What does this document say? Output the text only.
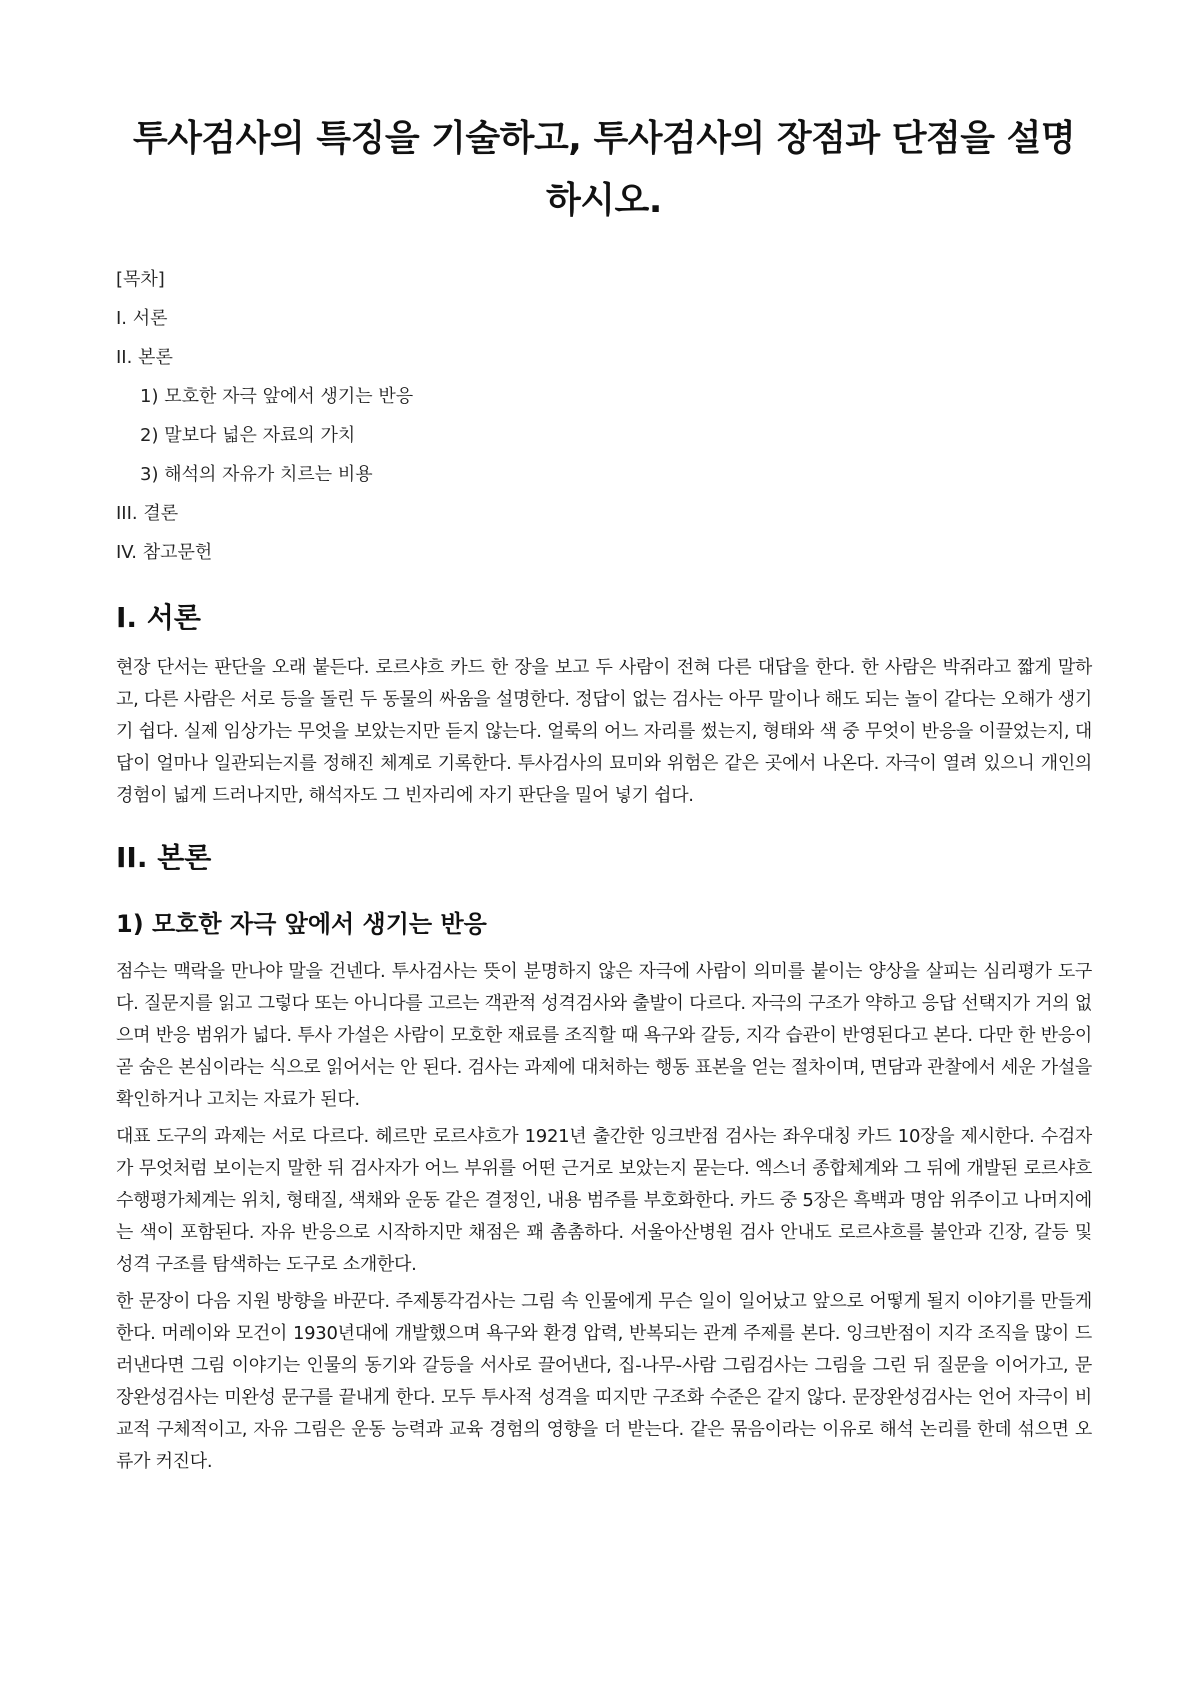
투사검사의 특징을 기술하고, 투사검사의 장점과 단점을 설명하시오.
[목차]
I. 서론
II. 본론
1) 모호한 자극 앞에서 생기는 반응
2) 말보다 넓은 자료의 가치
3) 해석의 자유가 치르는 비용
III. 결론
IV. 참고문헌
I. 서론

현장 단서는 판단을 오래 붙든다. 로르샤흐 카드 한 장을 보고 두 사람이 전혀 다른 대답을 한다. 한 사람은 박쥐라고 짧게 말하고, 다른 사람은 서로 등을 돌린 두 동물의 싸움을 설명한다. 정답이 없는 검사는 아무 말이나 해도 되는 놀이 같다는 오해가 생기기 쉽다. 실제 임상가는 무엇을 보았는지만 듣지 않는다. 얼룩의 어느 자리를 썼는지, 형태와 색 중 무엇이 반응을 이끌었는지, 대답이 얼마나 일관되는지를 정해진 체계로 기록한다. 투사검사의 묘미와 위험은 같은 곳에서 나온다. 자극이 열려 있으니 개인의 경험이 넓게 드러나지만, 해석자도 그 빈자리에 자기 판단을 밀어 넣기 쉽다.

II. 본론
1) 모호한 자극 앞에서 생기는 반응

점수는 맥락을 만나야 말을 건넨다. 투사검사는 뜻이 분명하지 않은 자극에 사람이 의미를 붙이는 양상을 살피는 심리평가 도구다. 질문지를 읽고 그렇다 또는 아니다를 고르는 객관적 성격검사와 출발이 다르다. 자극의 구조가 약하고 응답 선택지가 거의 없으며 반응 범위가 넓다. 투사 가설은 사람이 모호한 재료를 조직할 때 욕구와 갈등, 지각 습관이 반영된다고 본다. 다만 한 반응이 곧 숨은 본심이라는 식으로 읽어서는 안 된다. 검사는 과제에 대처하는 행동 표본을 얻는 절차이며, 면담과 관찰에서 세운 가설을 확인하거나 고치는 자료가 된다.

대표 도구의 과제는 서로 다르다. 헤르만 로르샤흐가 1921년 출간한 잉크반점 검사는 좌우대칭 카드 10장을 제시한다. 수검자가 무엇처럼 보이는지 말한 뒤 검사자가 어느 부위를 어떤 근거로 보았는지 묻는다. 엑스너 종합체계와 그 뒤에 개발된 로르샤흐 수행평가체계는 위치, 형태질, 색채와 운동 같은 결정인, 내용 범주를 부호화한다. 카드 중 5장은 흑백과 명암 위주이고 나머지에는 색이 포함된다. 자유 반응으로 시작하지만 채점은 꽤 촘촘하다. 서울아산병원 검사 안내도 로르샤흐를 불안과 긴장, 갈등 및 성격 구조를 탐색하는 도구로 소개한다.

한 문장이 다음 지원 방향을 바꾼다. 주제통각검사는 그림 속 인물에게 무슨 일이 일어났고 앞으로 어떻게 될지 이야기를 만들게 한다. 머레이와 모건이 1930년대에 개발했으며 욕구와 환경 압력, 반복되는 관계 주제를 본다. 잉크반점이 지각 조직을 많이 드러낸다면 그림 이야기는 인물의 동기와 갈등을 서사로 끌어낸다, 집-나무-사람 그림검사는 그림을 그린 뒤 질문을 이어가고, 문장완성검사는 미완성 문구를 끝내게 한다. 모두 투사적 성격을 띠지만 구조화 수준은 같지 않다. 문장완성검사는 언어 자극이 비교적 구체적이고, 자유 그림은 운동 능력과 교육 경험의 영향을 더 받는다. 같은 묶음이라는 이유로 해석 논리를 한데 섞으면 오류가 커진다.
